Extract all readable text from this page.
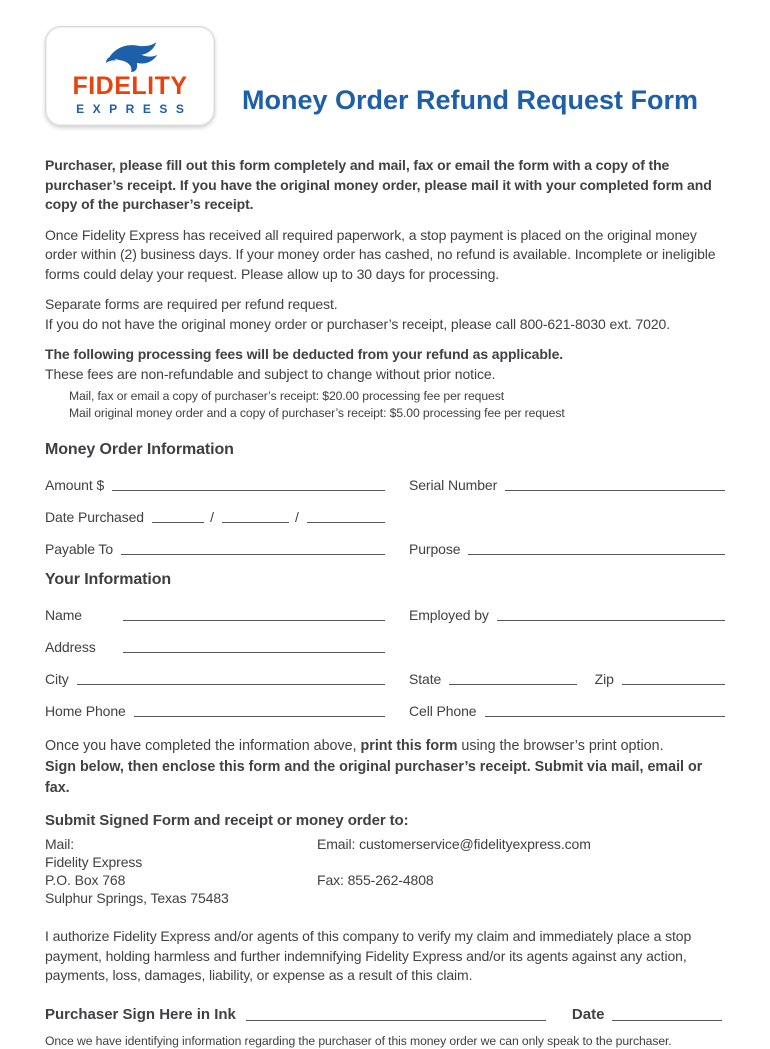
FIDELITY
EXPRESS	Money Order Refund Request Form

Purchaser, please fill out this form completely and mail, fax or email the form with a copy of the purchaser’s receipt. If you have the original money order, please mail it with your completed form and copy of the purchaser’s receipt.

Once Fidelity Express has received all required paperwork, a stop payment is placed on the original money order within (2) business days. If your money order has cashed, no refund is available. Incomplete or ineligible forms could delay your request. Please allow up to 30 days for processing.

Separate forms are required per refund request.
If you do not have the original money order or purchaser’s receipt, please call 800-621-8030 ext. 7020.

The following processing fees will be deducted from your refund as applicable.

These fees are non-refundable and subject to change without prior notice.

Mail, fax or email a copy of purchaser’s receipt: $20.00 processing fee per request
Mail original money order and a copy of purchaser’s receipt: $5.00 processing fee per request
Money Order Information
Amount $	Serial Number
Date Purchased	/	/
Payable To	Purpose
Your Information
Name	Employed by
Address
City	State	Zip
Home Phone	Cell Phone

Once you have completed the information above, print this form using the browser’s print option.
Sign below, then enclose this form and the original purchaser’s receipt. Submit via mail, email or fax.

Submit Signed Form and receipt or money order to:
Mail:
Fidelity Express
P.O. Box 768
Sulphur Springs, Texas 75483
Email: customerservice@fidelityexpress.com
Fax: 855-262-4808

I authorize Fidelity Express and/or agents of this company to verify my claim and immediately place a stop payment, holding harmless and further indemnifying Fidelity Express and/or its agents against any action, payments, loss, damages, liability, or expense as a result of this claim.

Purchaser Sign Here in Ink	Date

Once we have identifying information regarding the purchaser of this money order we can only speak to the purchaser.
